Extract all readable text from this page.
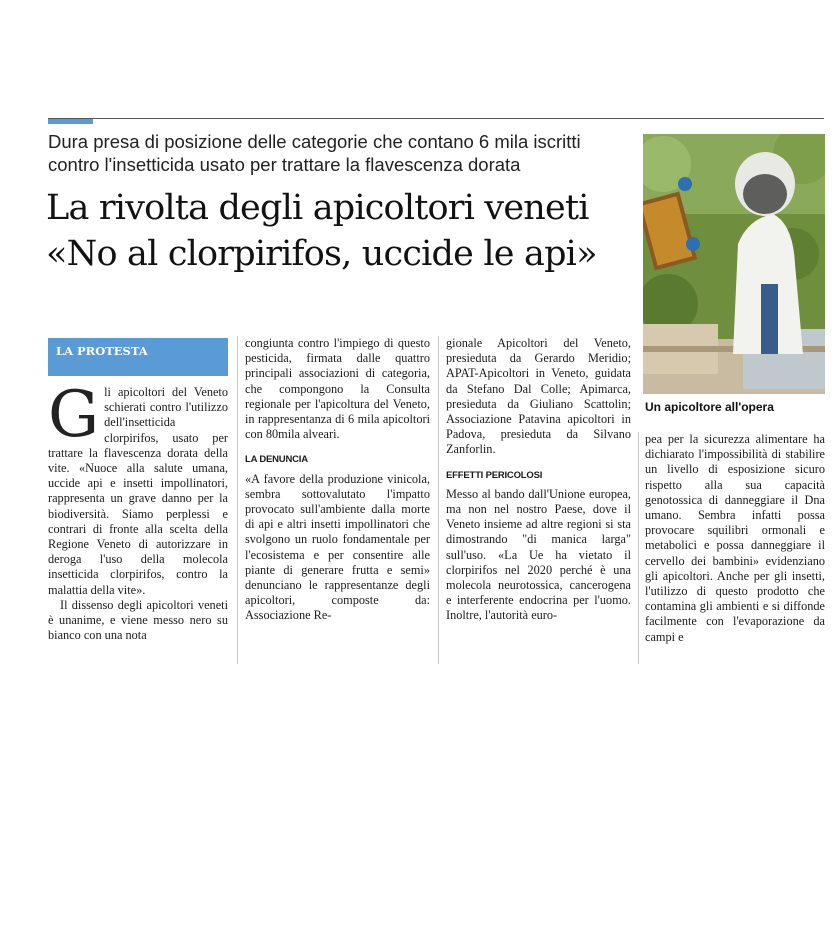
Dura presa di posizione delle categorie che contano 6 mila iscritti
contro l'insetticida usato per trattare la flavescenza dorata
La rivolta degli apicoltori veneti
«No al clorpirifos, uccide le api»
Un apicoltore all'opera
LA PROTESTA

Gli apicoltori del Veneto schierati contro l'utilizzo dell'insetticida clorpirifos, usato per trattare la flavescenza dorata della vite. «Nuoce alla salute umana, uccide api e insetti impollinatori, rappresenta un grave danno per la biodiversità. Siamo perplessi e contrari di fronte alla scelta della Regione Veneto di autorizzare in deroga l'uso della molecola insetticida clorpirifos, contro la malattia della vite».

Il dissenso degli apicoltori veneti è unanime, e viene messo nero su bianco con una nota

congiunta contro l'impiego di questo pesticida, firmata dalle quattro principali associazioni di categoria, che compongono la Consulta regionale per l'apicoltura del Veneto, in rappresentanza di 6 mila apicoltori con 80mila alveari.

LA DENUNCIA

«A favore della produzione vinicola, sembra sottovalutato l'impatto provocato sull'ambiente dalla morte di api e altri insetti impollinatori che svolgono un ruolo fondamentale per l'ecosistema e per consentire alle piante di generare frutta e semi» denunciano le rappresentanze degli apicoltori, composte da: Associazione Re-

gionale Apicoltori del Veneto, presieduta da Gerardo Meridio; APAT-Apicoltori in Veneto, guidata da Stefano Dal Colle; Apimarca, presieduta da Giuliano Scattolin; Associazione Patavina apicoltori in Padova, presieduta da Silvano Zanforlin.

EFFETTI PERICOLOSI

Messo al bando dall'Unione europea, ma non nel nostro Paese, dove il Veneto insieme ad altre regioni si sta dimostrando "di manica larga" sull'uso. «La Ue ha vietato il clorpirifos nel 2020 perché è una molecola neurotossica, cancerogena e interferente endocrina per l'uomo. Inoltre, l'autorità euro-

pea per la sicurezza alimentare ha dichiarato l'impossibilità di stabilire un livello di esposizione sicuro rispetto alla sua capacità genotossica di danneggiare il Dna umano. Sembra infatti possa provocare squilibri ormonali e metabolici e possa danneggiare il cervello dei bambini» evidenziano gli apicoltori. Anche per gli insetti, l'utilizzo di questo prodotto che contamina gli ambienti e si diffonde facilmente con l'evaporazione da campi e
